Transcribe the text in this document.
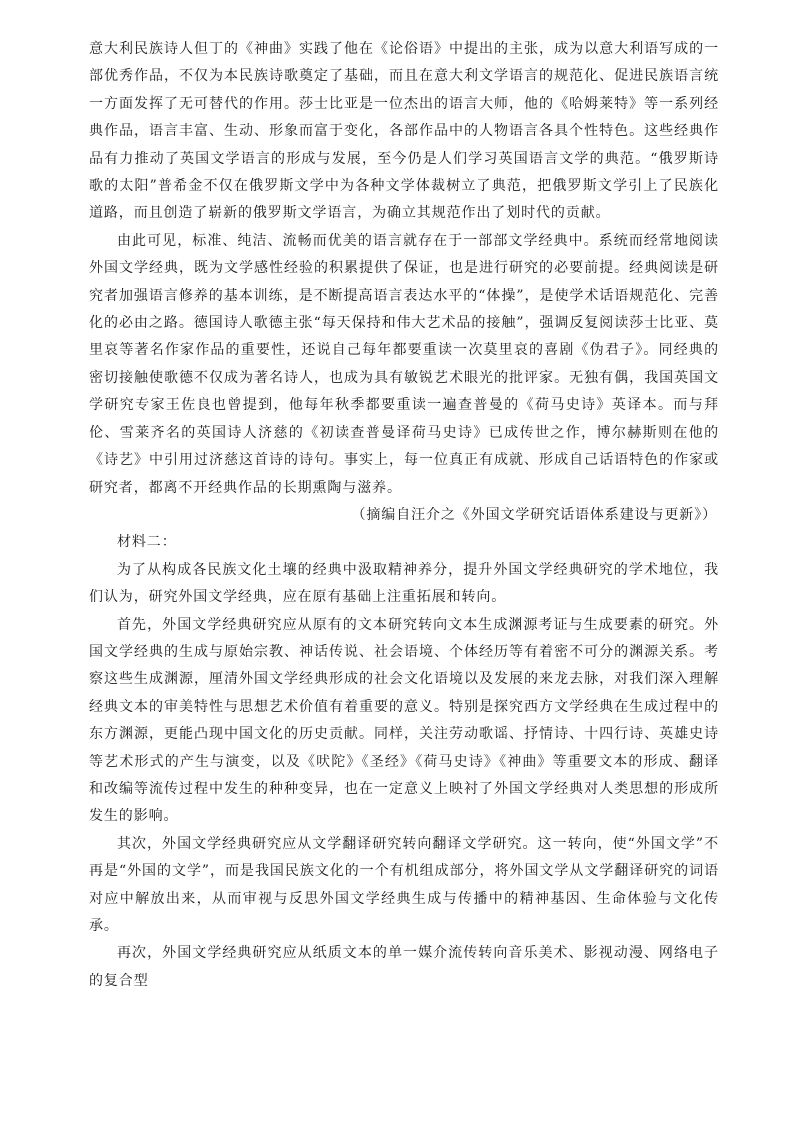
意大利民族诗人但丁的《神曲》实践了他在《论俗语》中提出的主张，成为以意大利语写成的一部优秀作品，不仅为本民族诗歌奠定了基础，而且在意大利文学语言的规范化、促进民族语言统一方面发挥了无可替代的作用。莎士比亚是一位杰出的语言大师，他的《哈姆莱特》等一系列经典作品，语言丰富、生动、形象而富于变化，各部作品中的人物语言各具个性特色。这些经典作品有力推动了英国文学语言的形成与发展，至今仍是人们学习英国语言文学的典范。“俄罗斯诗歌的太阳”普希金不仅在俄罗斯文学中为各种文学体裁树立了典范，把俄罗斯文学引上了民族化道路，而且创造了崭新的俄罗斯文学语言，为确立其规范作出了划时代的贡献。

由此可见，标准、纯洁、流畅而优美的语言就存在于一部部文学经典中。系统而经常地阅读外国文学经典，既为文学感性经验的积累提供了保证，也是进行研究的必要前提。经典阅读是研究者加强语言修养的基本训练，是不断提高语言表达水平的“体操”，是使学术话语规范化、完善化的必由之路。德国诗人歌德主张“每天保持和伟大艺术品的接触”，强调反复阅读莎士比亚、莫里哀等著名作家作品的重要性，还说自己每年都要重读一次莫里哀的喜剧《伪君子》。同经典的密切接触使歌德不仅成为著名诗人，也成为具有敏锐艺术眼光的批评家。无独有偶，我国英国文学研究专家王佐良也曾提到，他每年秋季都要重读一遍查普曼的《荷马史诗》英译本。而与拜伦、雪莱齐名的英国诗人济慈的《初读查普曼译荷马史诗》已成传世之作，博尔赫斯则在他的《诗艺》中引用过济慈这首诗的诗句。事实上，每一位真正有成就、形成自己话语特色的作家或研究者，都离不开经典作品的长期熏陶与滋养。

（摘编自汪介之《外国文学研究话语体系建设与更新》）

材料二：

为了从构成各民族文化土壤的经典中汲取精神养分，提升外国文学经典研究的学术地位，我们认为，研究外国文学经典，应在原有基础上注重拓展和转向。

首先，外国文学经典研究应从原有的文本研究转向文本生成渊源考证与生成要素的研究。外国文学经典的生成与原始宗教、神话传说、社会语境、个体经历等有着密不可分的渊源关系。考察这些生成渊源，厘清外国文学经典形成的社会文化语境以及发展的来龙去脉，对我们深入理解经典文本的审美特性与思想艺术价值有着重要的意义。特别是探究西方文学经典在生成过程中的东方渊源，更能凸现中国文化的历史贡献。同样，关注劳动歌谣、抒情诗、十四行诗、英雄史诗等艺术形式的产生与演变，以及《吠陀》《圣经》《荷马史诗》《神曲》等重要文本的形成、翻译和改编等流传过程中发生的种种变异，也在一定意义上映衬了外国文学经典对人类思想的形成所发生的影响。

其次，外国文学经典研究应从文学翻译研究转向翻译文学研究。这一转向，使“外国文学”不再是“外国的文学”，而是我国民族文化的一个有机组成部分，将外国文学从文学翻译研究的词语对应中解放出来，从而审视与反思外国文学经典生成与传播中的精神基因、生命体验与文化传承。

再次，外国文学经典研究应从纸质文本的单一媒介流传转向音乐美术、影视动漫、网络电子的复合型
